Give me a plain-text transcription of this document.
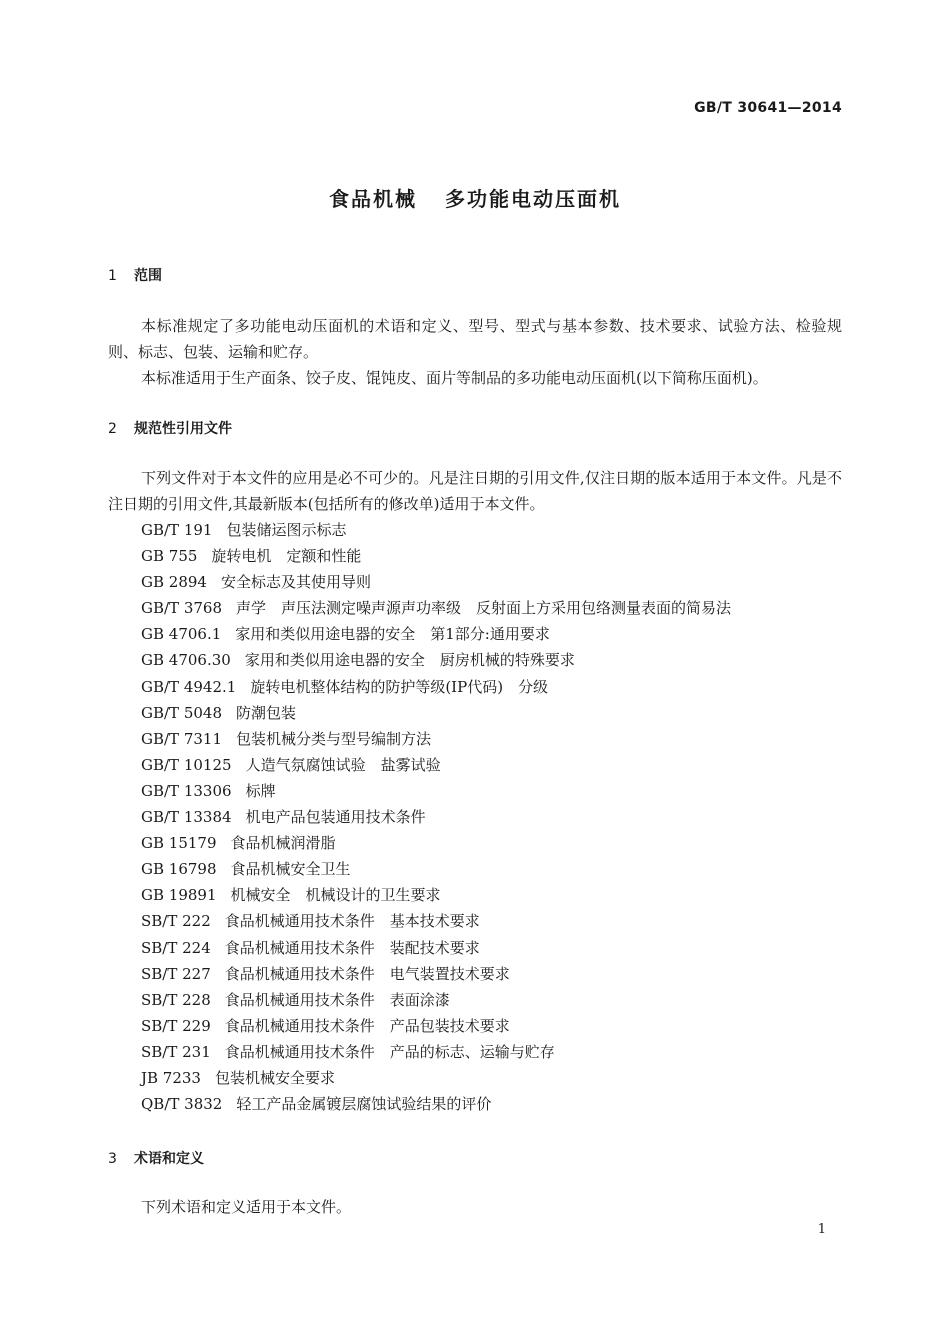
GB/T 30641—2014
食品机械 多功能电动压面机
1 范围
本标准规定了多功能电动压面机的术语和定义、型号、型式与基本参数、技术要求、试验方法、检验规则、标志、包装、运输和贮存。
本标准适用于生产面条、饺子皮、馄饨皮、面片等制品的多功能电动压面机(以下简称压面机)。
2 规范性引用文件
下列文件对于本文件的应用是必不可少的。凡是注日期的引用文件,仅注日期的版本适用于本文件。凡是不注日期的引用文件,其最新版本(包括所有的修改单)适用于本文件。
GB/T 191 包装储运图示标志
GB 755 旋转电机　定额和性能
GB 2894 安全标志及其使用导则
GB/T 3768 声学　声压法测定噪声源声功率级　反射面上方采用包络测量表面的简易法
GB 4706.1 家用和类似用途电器的安全　第1部分:通用要求
GB 4706.30 家用和类似用途电器的安全　厨房机械的特殊要求
GB/T 4942.1 旋转电机整体结构的防护等级(IP代码)　分级
GB/T 5048 防潮包装
GB/T 7311 包装机械分类与型号编制方法
GB/T 10125 人造气氛腐蚀试验　盐雾试验
GB/T 13306 标牌
GB/T 13384 机电产品包装通用技术条件
GB 15179 食品机械润滑脂
GB 16798 食品机械安全卫生
GB 19891 机械安全　机械设计的卫生要求
SB/T 222 食品机械通用技术条件　基本技术要求
SB/T 224 食品机械通用技术条件　装配技术要求
SB/T 227 食品机械通用技术条件　电气装置技术要求
SB/T 228 食品机械通用技术条件　表面涂漆
SB/T 229 食品机械通用技术条件　产品包装技术要求
SB/T 231 食品机械通用技术条件　产品的标志、运输与贮存
JB 7233 包装机械安全要求
QB/T 3832 轻工产品金属镀层腐蚀试验结果的评价
3 术语和定义
下列术语和定义适用于本文件。
1
